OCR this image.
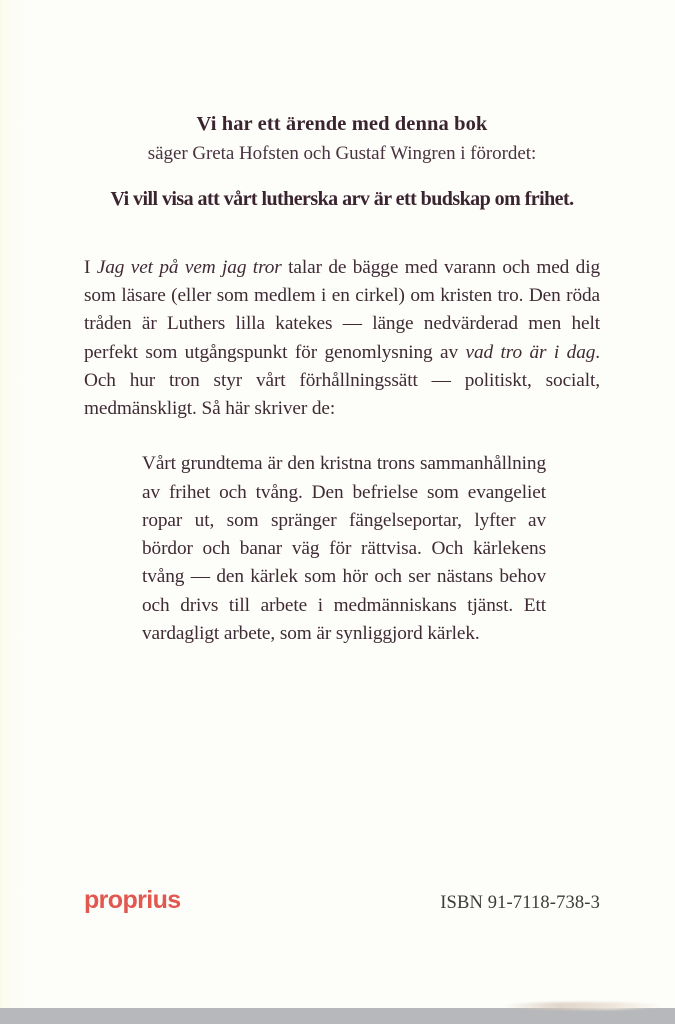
Vi har ett ärende med denna bok
säger Greta Hofsten och Gustaf Wingren i förordet:
Vi vill visa att vårt lutherska arv är ett budskap om frihet.

I Jag vet på vem jag tror talar de bägge med varann och med dig som läsare (eller som medlem i en cirkel) om kristen tro. Den röda tråden är Luthers lilla katekes — länge nedvärderad men helt perfekt som utgångspunkt för genomlysning av vad tro är i dag. Och hur tron styr vårt förhållningssätt — politiskt, socialt, medmänskligt. Så här skriver de:

Vårt grundtema är den kristna trons sammanhållning av frihet och tvång. Den befrielse som evangeliet ropar ut, som spränger fängelseportar, lyfter av bördor och banar väg för rättvisa. Och kärlekens tvång — den kärlek som hör och ser nästans behov och drivs till arbete i medmänniskans tjänst. Ett vardagligt arbete, som är synliggjord kärlek.
proprius	ISBN 91-7118-738-3
